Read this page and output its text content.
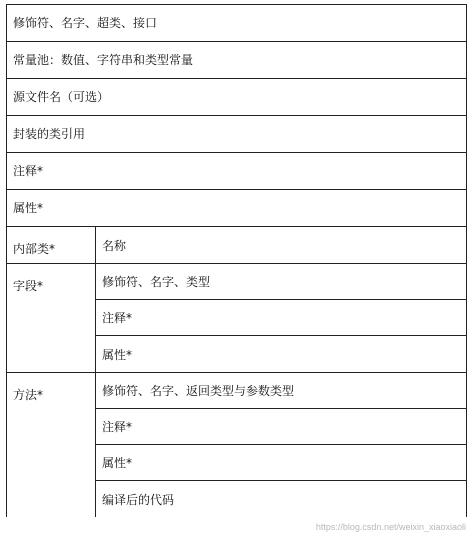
修饰符、名字、超类、接口
常量池：数值、字符串和类型常量
源文件名（可选）
封装的类引用
注释*
属性*
内部类*	名称
字段*	修饰符、名字、类型
注释*
属性*
方法*	修饰符、名字、返回类型与参数类型
注释*
属性*
编译后的代码
https://blog.csdn.net/weixin_xiaoxiaoli
